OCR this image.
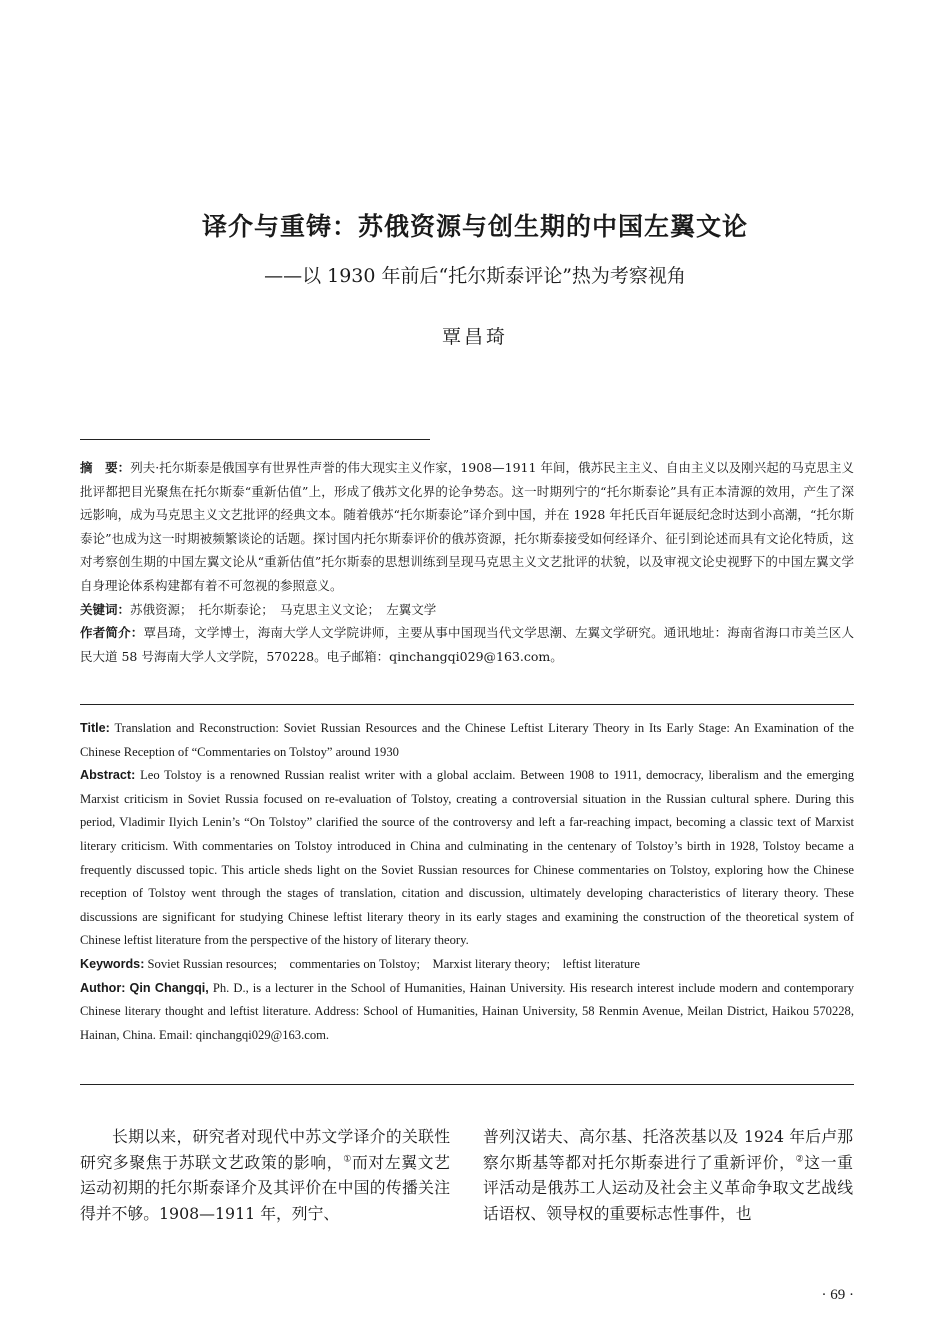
译介与重铸：苏俄资源与创生期的中国左翼文论
——以 1930 年前后“托尔斯泰评论”热为考察视角
覃昌琦

摘　要：列夫·托尔斯泰是俄国享有世界性声誉的伟大现实主义作家，1908—1911 年间，俄苏民主主义、自由主义以及刚兴起的马克思主义批评都把目光聚焦在托尔斯泰“重新估值”上，形成了俄苏文化界的论争势态。这一时期列宁的“托尔斯泰论”具有正本清源的效用，产生了深远影响，成为马克思主义文艺批评的经典文本。随着俄苏“托尔斯泰论”译介到中国，并在 1928 年托氏百年诞辰纪念时达到小高潮，“托尔斯泰论”也成为这一时期被频繁谈论的话题。探讨国内托尔斯泰评价的俄苏资源，托尔斯泰接受如何经译介、征引到论述而具有文论化特质，这对考察创生期的中国左翼文论从“重新估值”托尔斯泰的思想训练到呈现马克思主义文艺批评的状貌，以及审视文论史视野下的中国左翼文学自身理论体系构建都有着不可忽视的参照意义。

关键词：苏俄资源；　托尔斯泰论；　马克思主义文论；　左翼文学

作者简介：覃昌琦，文学博士，海南大学人文学院讲师，主要从事中国现当代文学思潮、左翼文学研究。通讯地址：海南省海口市美兰区人民大道 58 号海南大学人文学院，570228。电子邮箱：qinchangqi029@163.com。

Title: Translation and Reconstruction: Soviet Russian Resources and the Chinese Leftist Literary Theory in Its Early Stage: An Examination of the Chinese Reception of “Commentaries on Tolstoy” around 1930

Abstract: Leo Tolstoy is a renowned Russian realist writer with a global acclaim. Between 1908 to 1911, democracy, liberalism and the emerging Marxist criticism in Soviet Russia focused on re-evaluation of Tolstoy, creating a controversial situation in the Russian cultural sphere. During this period, Vladimir Ilyich Lenin’s “On Tolstoy” clarified the source of the controversy and left a far-reaching impact, becoming a classic text of Marxist literary criticism. With commentaries on Tolstoy introduced in China and culminating in the centenary of Tolstoy’s birth in 1928, Tolstoy became a frequently discussed topic. This article sheds light on the Soviet Russian resources for Chinese commentaries on Tolstoy, exploring how the Chinese reception of Tolstoy went through the stages of translation, citation and discussion, ultimately developing characteristics of literary theory. These discussions are significant for studying Chinese leftist literary theory in its early stages and examining the construction of the theoretical system of Chinese leftist literature from the perspective of the history of literary theory.

Keywords: Soviet Russian resources;　commentaries on Tolstoy;　Marxist literary theory;　leftist literature

Author: Qin Changqi, Ph. D., is a lecturer in the School of Humanities, Hainan University. His research interest include modern and contemporary Chinese literary thought and leftist literature. Address: School of Humanities, Hainan University, 58 Renmin Avenue, Meilan District, Haikou 570228, Hainan, China. Email: qinchangqi029@163.com.

长期以来，研究者对现代中苏文学译介的关联性研究多聚焦于苏联文艺政策的影响，①而对左翼文艺运动初期的托尔斯泰译介及其评价在中国的传播关注得并不够。1908—1911 年，列宁、

普列汉诺夫、高尔基、托洛茨基以及 1924 年后卢那察尔斯基等都对托尔斯泰进行了重新评价，②这一重评活动是俄苏工人运动及社会主义革命争取文艺战线话语权、领导权的重要标志性事件，也

· 69 ·
